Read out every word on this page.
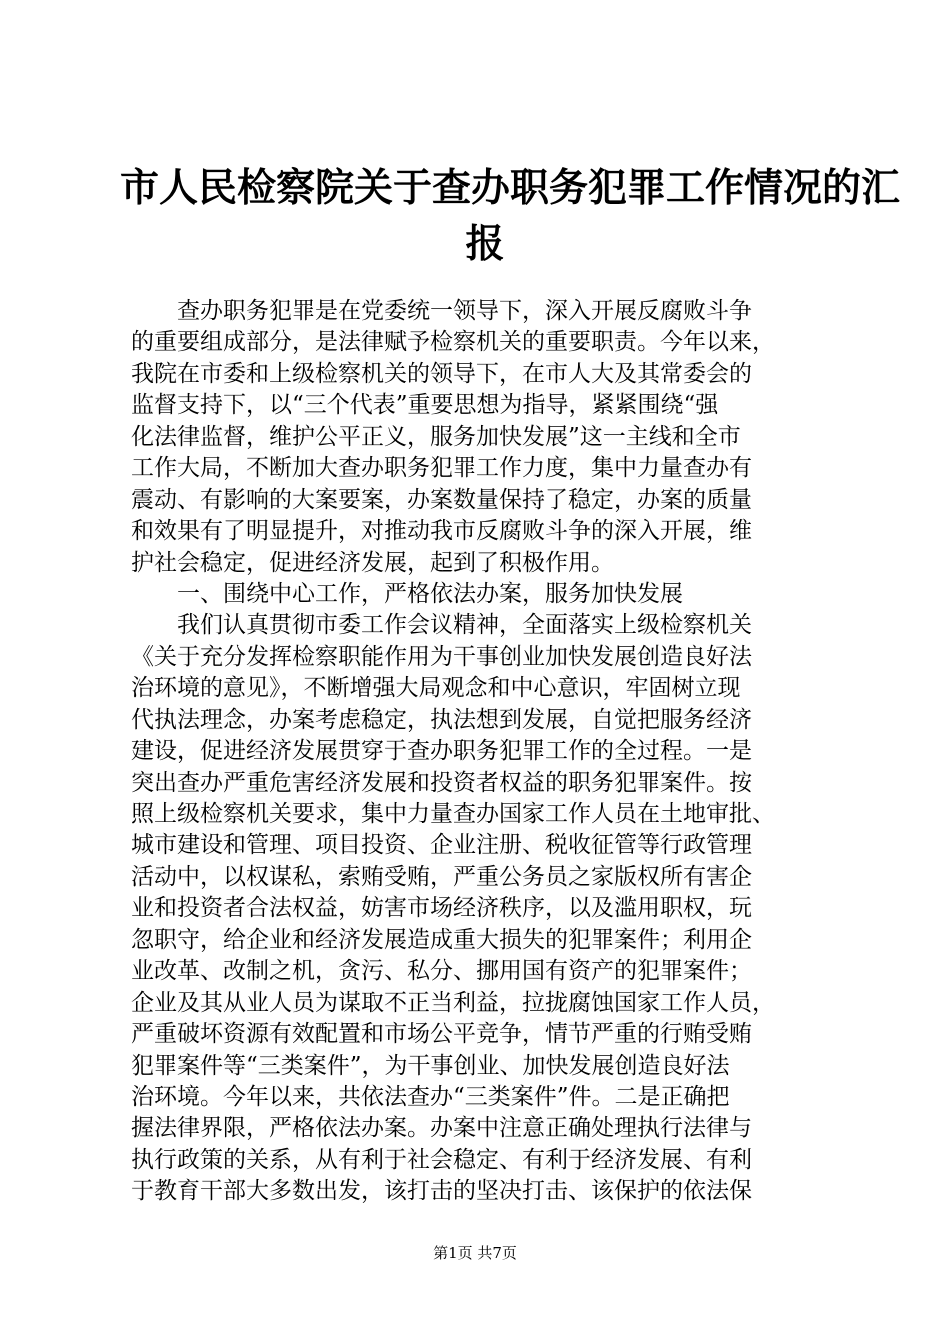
市人民检察院关于查办职务犯罪工作情况的汇
报
　　查办职务犯罪是在党委统一领导下，深入开展反腐败斗争
的重要组成部分，是法律赋予检察机关的重要职责。今年以来，
我院在市委和上级检察机关的领导下，在市人大及其常委会的
监督支持下，以“三个代表”重要思想为指导，紧紧围绕“强
化法律监督，维护公平正义，服务加快发展”这一主线和全市
工作大局，不断加大查办职务犯罪工作力度，集中力量查办有
震动、有影响的大案要案，办案数量保持了稳定，办案的质量
和效果有了明显提升，对推动我市反腐败斗争的深入开展，维
护社会稳定，促进经济发展，起到了积极作用。
　　一、围绕中心工作，严格依法办案，服务加快发展
　　我们认真贯彻市委工作会议精神，全面落实上级检察机关
《关于充分发挥检察职能作用为干事创业加快发展创造良好法
治环境的意见》，不断增强大局观念和中心意识，牢固树立现
代执法理念，办案考虑稳定，执法想到发展，自觉把服务经济
建设，促进经济发展贯穿于查办职务犯罪工作的全过程。一是
突出查办严重危害经济发展和投资者权益的职务犯罪案件。按
照上级检察机关要求，集中力量查办国家工作人员在土地审批、
城市建设和管理、项目投资、企业注册、税收征管等行政管理
活动中，以权谋私，索贿受贿，严重公务员之家版权所有害企
业和投资者合法权益，妨害市场经济秩序，以及滥用职权，玩
忽职守，给企业和经济发展造成重大损失的犯罪案件；利用企
业改革、改制之机，贪污、私分、挪用国有资产的犯罪案件；
企业及其从业人员为谋取不正当利益，拉拢腐蚀国家工作人员，
严重破坏资源有效配置和市场公平竞争，情节严重的行贿受贿
犯罪案件等“三类案件”，为干事创业、加快发展创造良好法
治环境。今年以来，共依法查办“三类案件”件。二是正确把
握法律界限，严格依法办案。办案中注意正确处理执行法律与
执行政策的关系，从有利于社会稳定、有利于经济发展、有利
于教育干部大多数出发，该打击的坚决打击、该保护的依法保
第1页 共7页
